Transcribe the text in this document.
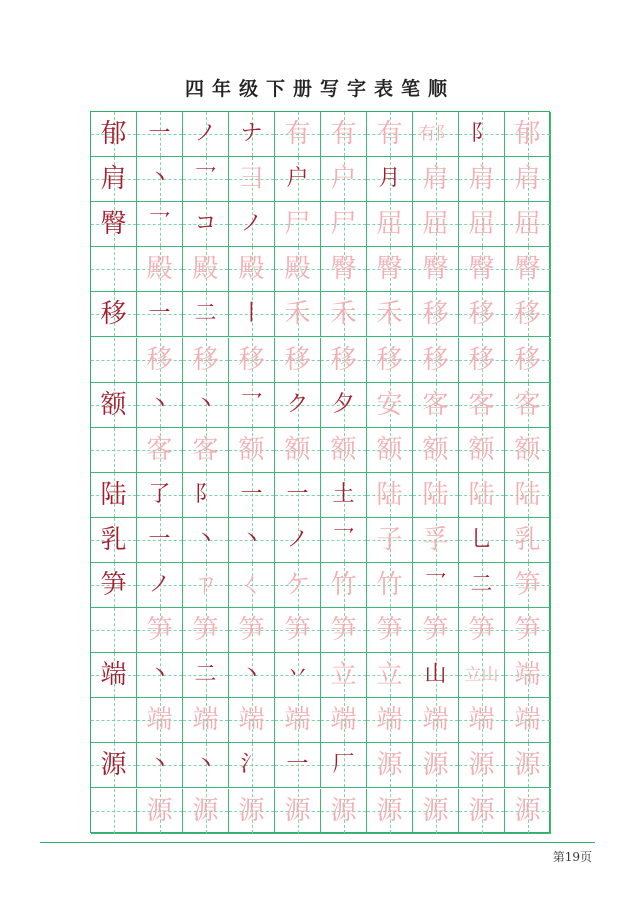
四年级下册写字表笔顺
郁 一 ノ ナ 有 有 有 有阝 阝 郁
肩 丶 乛 彐 户 户 月 肩 肩 肩
臀 乛 コ ノ 尸 尸 屈 屈 屈 屈
殿 殿 殿 殿 臀 臀 臀 臀 臀
移 一 二 丨 禾 禾 禾 移 移 移
移 移 移 移 移 移 移 移 移
额 丶 丶 乛 ク 夕 安 客 客 客
客 客 额 额 额 额 额 额 额
陆 了 阝 一 一 土 陆 陆 陆 陆
乳 一 丶 丶 ノ 乛 子 孚 乚 乳
笋 ノ ㄗ ㄑ ケ 竹 竹 乛 二 笋
笋 笋 笋 笋 笋 笋 笋 笋 笋
端 丶 二 丶 丷 立 立 山 立山 端
端 端 端 端 端 端 端 端 端
源 丶 丶 氵 一 厂 源 源 源 源
源 源 源 源 源 源 源 源 源
第19页
